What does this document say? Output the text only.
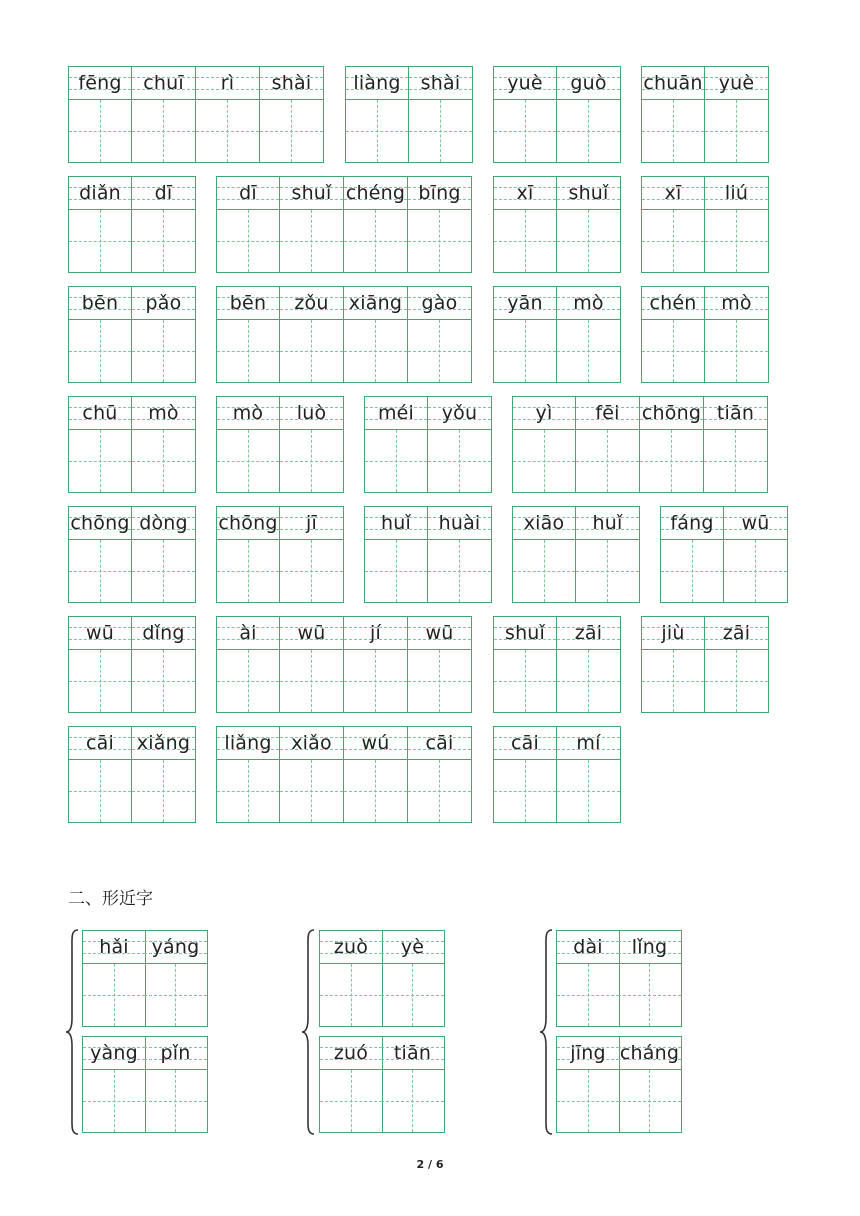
二、形近字
2 / 6
fēng	chuī	rì	shài	liàng	shài	yuè	guò	chuān yuè
diǎn	dī	dī	shuǐ chéng bīng	xī	shuǐ	xī	liú
bēn	pǎo	bēn	zǒu	xiāng	gào	yān	mò	chén	mò
chū	mò	mò	luò	méi	yǒu	yì	fēi	chōng tiān
chōng dòng	chōng	jī	huǐ	huài	xiāo	huǐ	fáng	wū
wū	dǐng	ài	wū	jí	wū	shuǐ	zāi	jiù	zāi
cāi	xiǎng	liǎng	xiǎo	wú	cāi	cāi	mí
hǎi	yáng
yàng	pǐn
zuò	yè
zuó	tiān
dài	lǐng
jīng cháng
